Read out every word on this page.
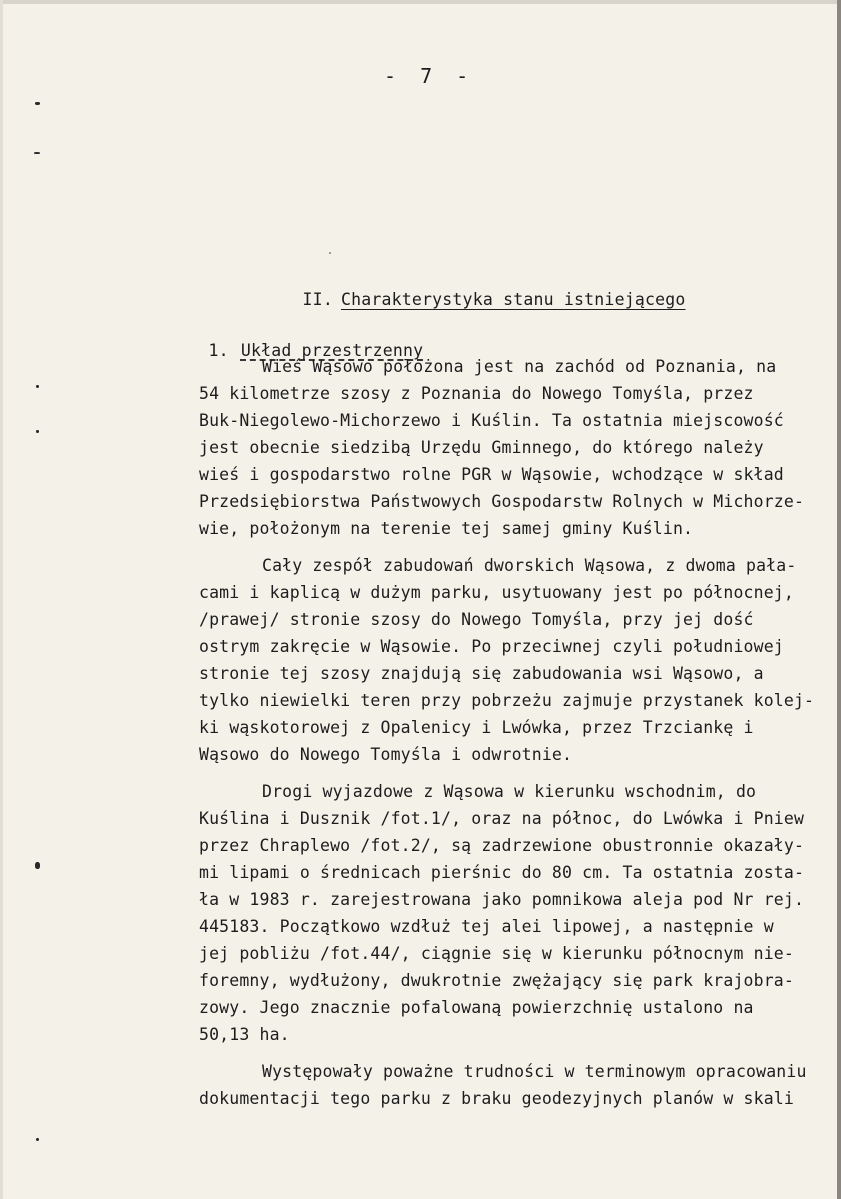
- 7 -

II. Charakterystyka stanu istniejącego

1. Układ przestrzenny

Wieś Wąsowo położona jest na zachód od Poznania, na
54 kilometrze szosy z Poznania do Nowego Tomyśla, przez
Buk-Niegolewo-Michorzewo i Kuślin. Ta ostatnia miejscowość
jest obecnie siedzibą Urzędu Gminnego, do którego należy
wieś i gospodarstwo rolne PGR w Wąsowie, wchodzące w skład
Przedsiębiorstwa Państwowych Gospodarstw Rolnych w Michorze-
wie, położonym na terenie tej samej gminy Kuślin.
Cały zespół zabudowań dworskich Wąsowa, z dwoma pała-
cami i kaplicą w dużym parku, usytuowany jest po północnej,
/prawej/ stronie szosy do Nowego Tomyśla, przy jej dość
ostrym zakręcie w Wąsowie. Po przeciwnej czyli południowej
stronie tej szosy znajdują się zabudowania wsi Wąsowo, a
tylko niewielki teren przy pobrzeżu zajmuje przystanek kolej-
ki wąskotorowej z Opalenicy i Lwówka, przez Trzciankę i
Wąsowo do Nowego Tomyśla i odwrotnie.
Drogi wyjazdowe z Wąsowa w kierunku wschodnim, do
Kuślina i Dusznik /fot.1/, oraz na północ, do Lwówka i Pniew
przez Chraplewo /fot.2/, są zadrzewione obustronnie okazały-
mi lipami o średnicach pierśnic do 80 cm. Ta ostatnia zosta-
ła w 1983 r. zarejestrowana jako pomnikowa aleja pod Nr rej.
445183. Początkowo wzdłuż tej alei lipowej, a następnie w
jej pobliżu /fot.44/, ciągnie się w kierunku północnym nie-
foremny, wydłużony, dwukrotnie zwężający się park krajobra-
zowy. Jego znacznie pofalowaną powierzchnię ustalono na
50,13 ha.
Występowały poważne trudności w terminowym opracowaniu
dokumentacji tego parku z braku geodezyjnych planów w skali
